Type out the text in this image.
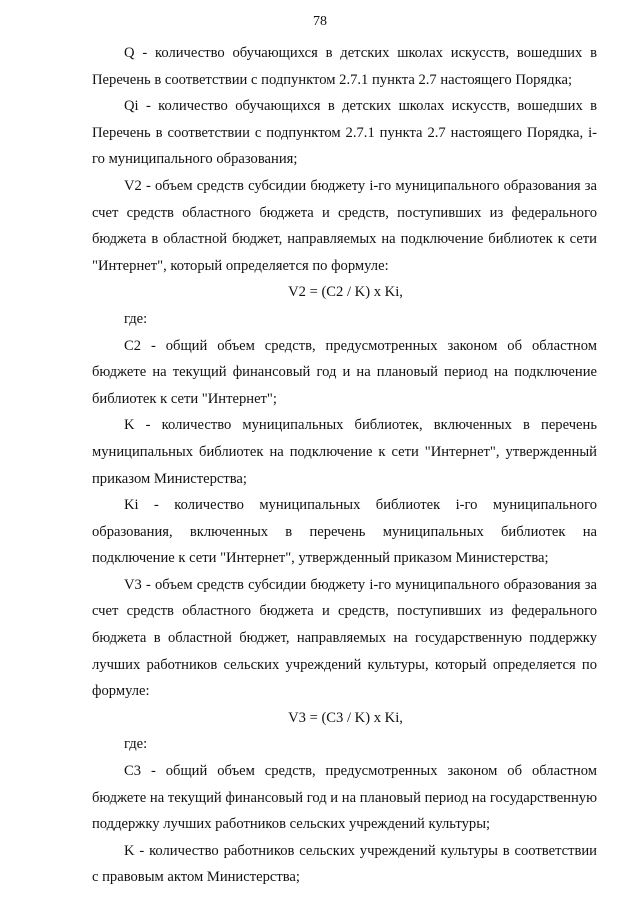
78

Q - количество обучающихся в детских школах искусств, вошедших в Перечень в соответствии с подпунктом 2.7.1 пункта 2.7 настоящего Порядка;

Qi - количество обучающихся в детских школах искусств, вошедших в Перечень в соответствии с подпунктом 2.7.1 пункта 2.7 настоящего Порядка, i-го муниципального образования;

V2 - объем средств субсидии бюджету i-го муниципального образования за счет средств областного бюджета и средств, поступивших из федерального бюджета в областной бюджет, направляемых на подключение библиотек к сети "Интернет", который определяется по формуле:

V2 = (C2 / K) x Ki,

где:

C2 - общий объем средств, предусмотренных законом об областном бюджете на текущий финансовый год и на плановый период на подключение библиотек к сети "Интернет";

K - количество муниципальных библиотек, включенных в перечень муниципальных библиотек на подключение к сети "Интернет", утвержденный приказом Министерства;

Ki - количество муниципальных библиотек i-го муниципального образования, включенных в перечень муниципальных библиотек на подключение к сети "Интернет", утвержденный приказом Министерства;

V3 - объем средств субсидии бюджету i-го муниципального образования за счет средств областного бюджета и средств, поступивших из федерального бюджета в областной бюджет, направляемых на государственную поддержку лучших работников сельских учреждений культуры, который определяется по формуле:

V3 = (C3 / K) x Ki,

где:

C3 - общий объем средств, предусмотренных законом об областном бюджете на текущий финансовый год и на плановый период на государственную поддержку лучших работников сельских учреждений культуры;

K - количество работников сельских учреждений культуры в соответствии с правовым актом Министерства;
